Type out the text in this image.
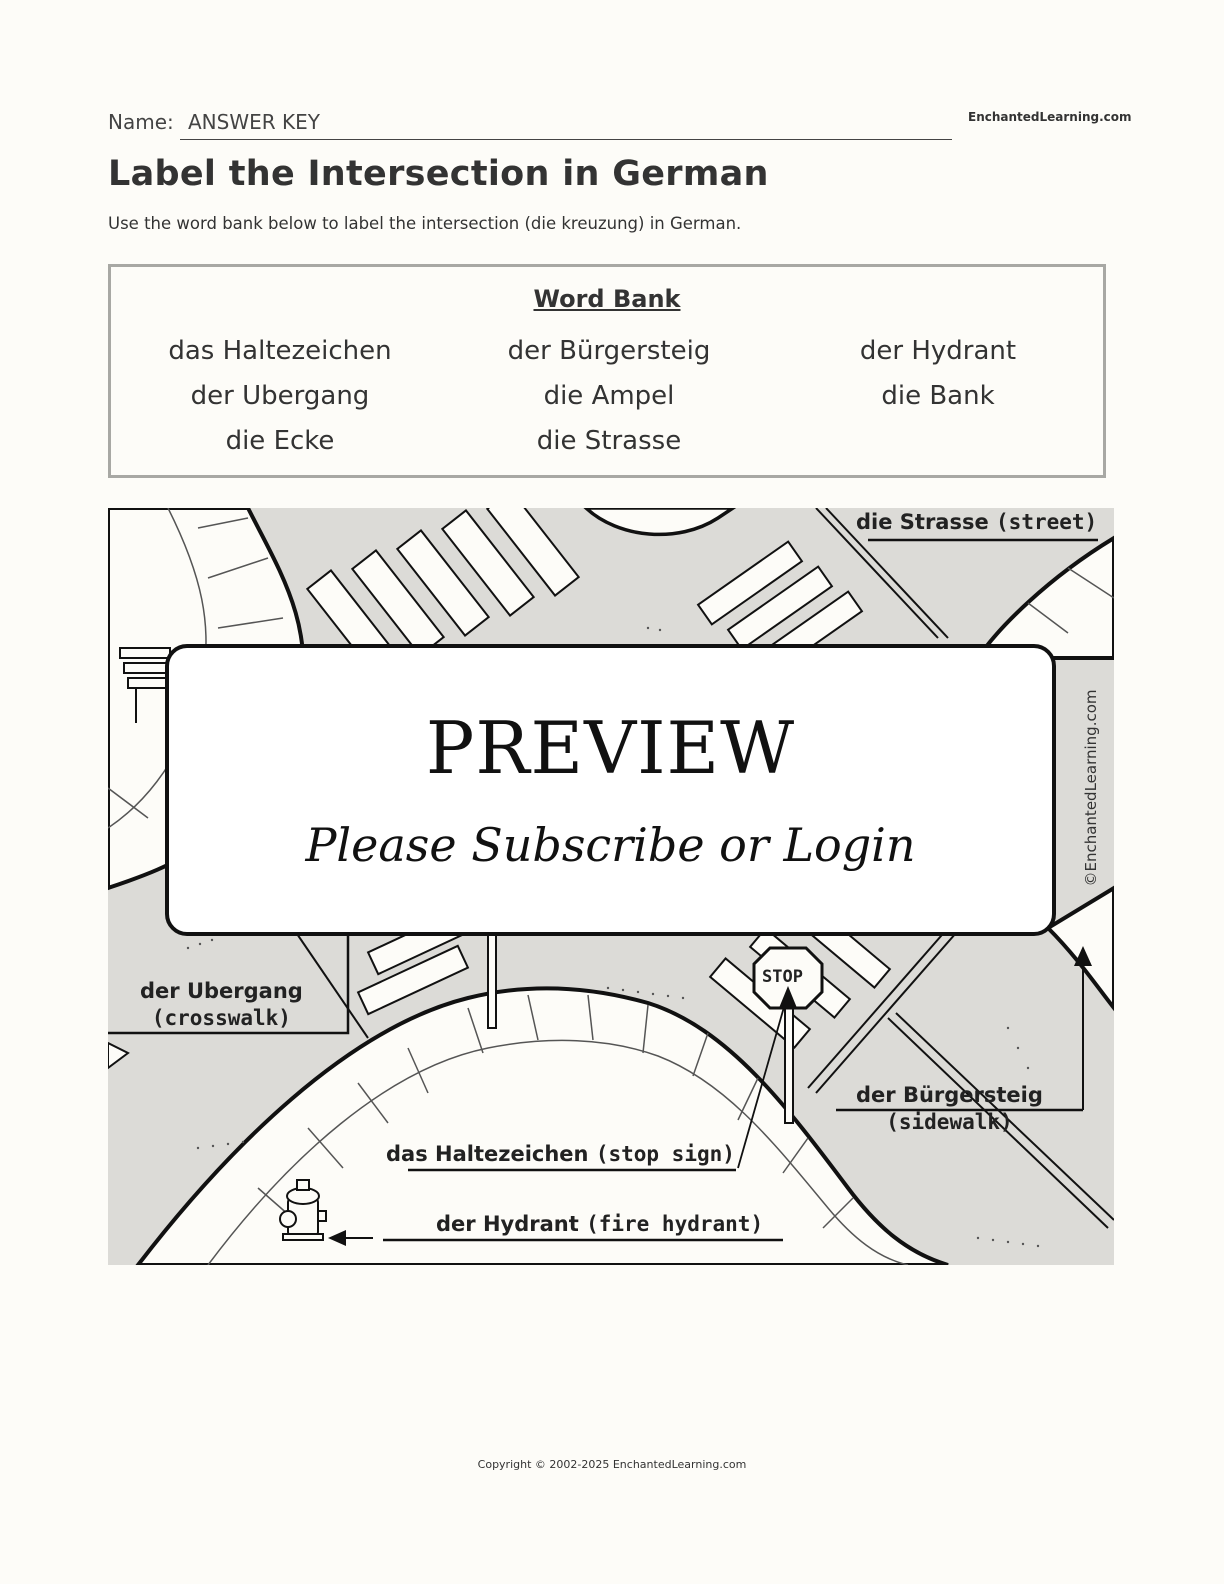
Name: ANSWER KEY	EnchantedLearning.com
Label the Intersection in German
Use the word bank below to label the intersection (die kreuzung) in German.
Word Bank
das Haltezeichen
der Ubergang
die Ecke
der Bürgersteig
die Ampel
die Strasse
der Hydrant
die Bank
die Strasse (street)
der Ubergang
(crosswalk)
STOP
der Bürgersteig
(sidewalk)
das Haltezeichen (stop sign)
der Hydrant (fire hydrant)
©EnchantedLearning.com
PREVIEW
Please Subscribe or Login
Copyright © 2002-2025 EnchantedLearning.com
